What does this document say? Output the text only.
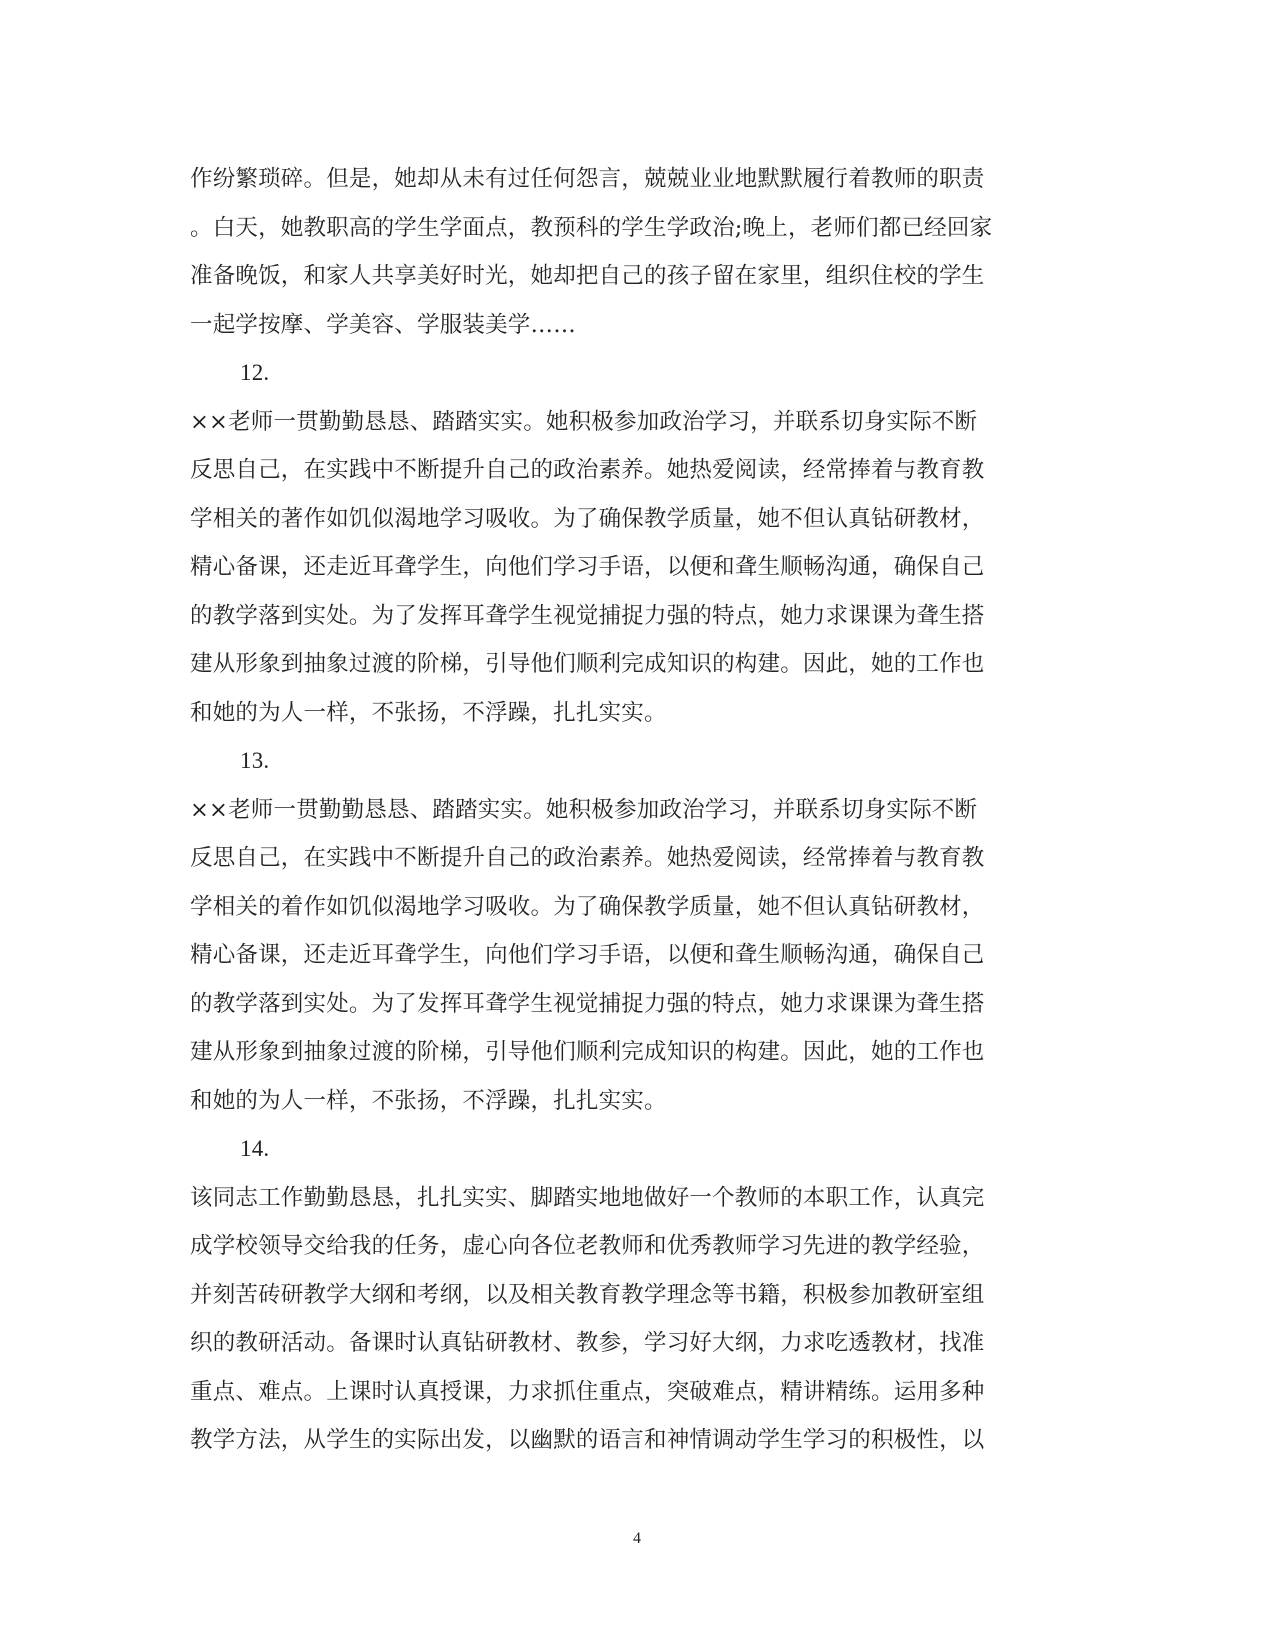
作纷繁琐碎。但是，她却从未有过任何怨言，兢兢业业地默默履行着教师的职责
。白天，她教职高的学生学面点，教预科的学生学政治;晚上，老师们都已经回家
准备晚饭，和家人共享美好时光，她却把自己的孩子留在家里，组织住校的学生
一起学按摩、学美容、学服装美学……
12.
××老师一贯勤勤恳恳、踏踏实实。她积极参加政治学习，并联系切身实际不断
反思自己，在实践中不断提升自己的政治素养。她热爱阅读，经常捧着与教育教
学相关的著作如饥似渴地学习吸收。为了确保教学质量，她不但认真钻研教材，
精心备课，还走近耳聋学生，向他们学习手语，以便和聋生顺畅沟通，确保自己
的教学落到实处。为了发挥耳聋学生视觉捕捉力强的特点，她力求课课为聋生搭
建从形象到抽象过渡的阶梯，引导他们顺利完成知识的构建。因此，她的工作也
和她的为人一样，不张扬，不浮躁，扎扎实实。
13.
××老师一贯勤勤恳恳、踏踏实实。她积极参加政治学习，并联系切身实际不断
反思自己，在实践中不断提升自己的政治素养。她热爱阅读，经常捧着与教育教
学相关的着作如饥似渴地学习吸收。为了确保教学质量，她不但认真钻研教材，
精心备课，还走近耳聋学生，向他们学习手语，以便和聋生顺畅沟通，确保自己
的教学落到实处。为了发挥耳聋学生视觉捕捉力强的特点，她力求课课为聋生搭
建从形象到抽象过渡的阶梯，引导他们顺利完成知识的构建。因此，她的工作也
和她的为人一样，不张扬，不浮躁，扎扎实实。
14.
该同志工作勤勤恳恳，扎扎实实、脚踏实地地做好一个教师的本职工作，认真完
成学校领导交给我的任务，虚心向各位老教师和优秀教师学习先进的教学经验，
并刻苦砖研教学大纲和考纲，以及相关教育教学理念等书籍，积极参加教研室组
织的教研活动。备课时认真钻研教材、教参，学习好大纲，力求吃透教材，找准
重点、难点。上课时认真授课，力求抓住重点，突破难点，精讲精练。运用多种
教学方法，从学生的实际出发，以幽默的语言和神情调动学生学习的积极性，以
4
